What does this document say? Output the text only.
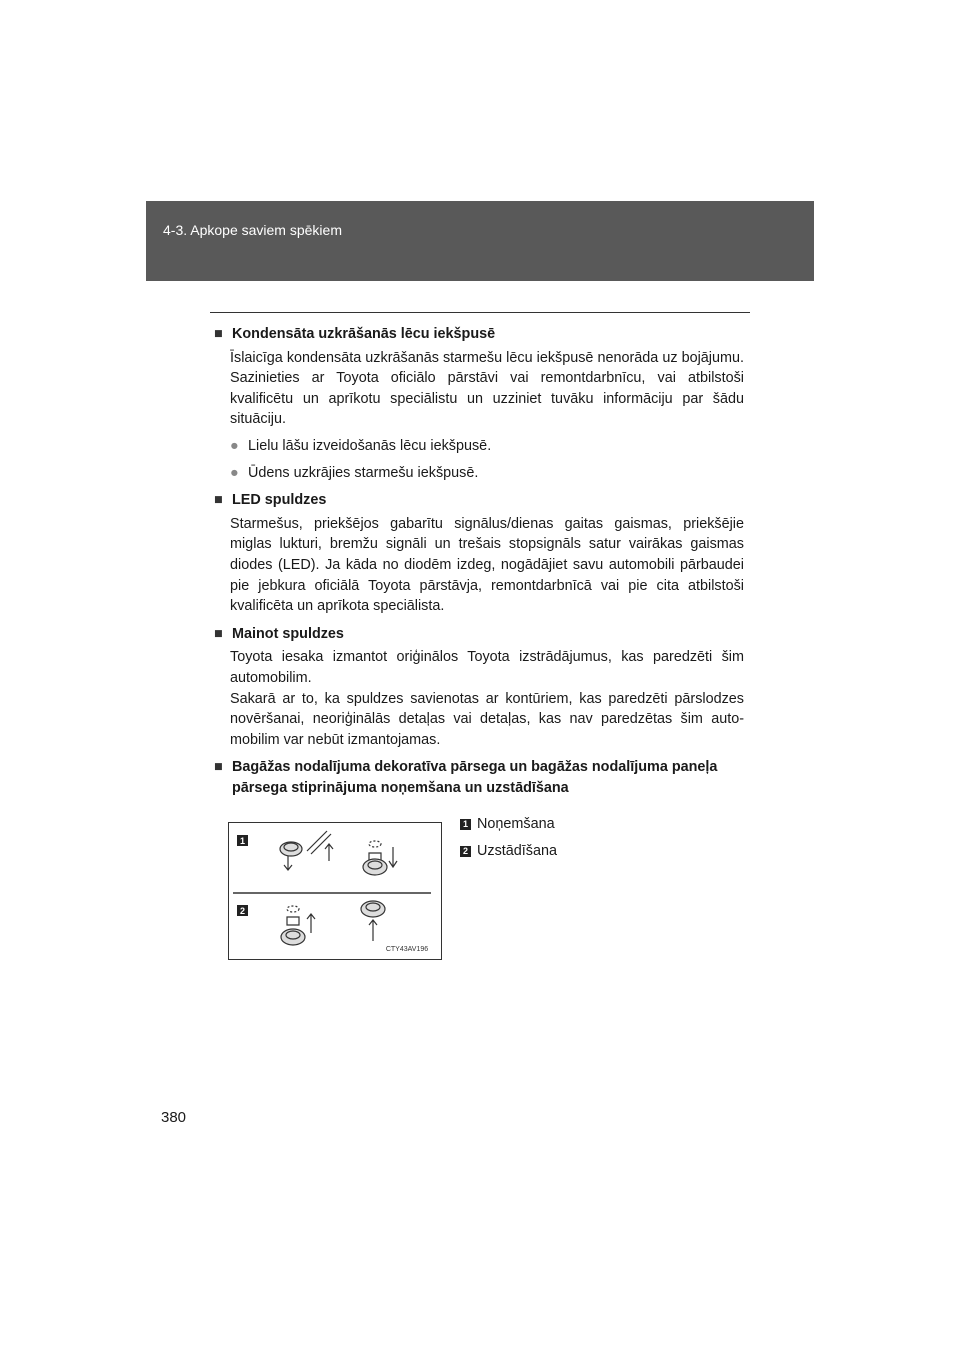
4-3. Apkope saviem spēkiem
■ Kondensāta uzkrāšanās lēcu iekšpusē
Īslaicīga kondensāta uzkrāšanās starmešu lēcu iekšpusē nenorāda uz bojājumu. Sazinieties ar Toyota oficiālo pārstāvi vai remontdarbnīcu, vai atbilstoši kvalificētu un aprīkotu speciālistu un uzziniet tuvāku informāciju par šādu situāciju.
● Lielu lāšu izveidošanās lēcu iekšpusē.
● Ūdens uzkrājies starmešu iekšpusē.
■ LED spuldzes
Starmešus, priekšējos gabarītu signālus/dienas gaitas gaismas, priekšējie miglas lukturi, bremžu signāli un trešais stopsignāls satur vairākas gaismas diodes (LED). Ja kāda no diodēm izdeg, nogādājiet savu automobili pārbaudei pie jebkura oficiālā Toyota pārstāvja, remontdarbnīcā vai pie cita atbilstoši kvalificēta un aprīkota speciālista.
■ Mainot spuldzes
Toyota iesaka izmantot oriģinālos Toyota izstrādājumus, kas paredzēti šim automobilim.
Sakarā ar to, ka spuldzes savienotas ar kontūriem, kas paredzēti pārslodzes novēršanai, neoriģinālās detaļas vai detaļas, kas nav paredzētas šim automobilim var nebūt izmantojamas.
■ Bagāžas nodalījuma dekoratīva pārsega un bagāžas nodalījuma paneļa pārsega stiprinājuma noņemšana un uzstādīšana
1
2
CTY43AV196
1 Noņemšana
2 Uzstādīšana
380
